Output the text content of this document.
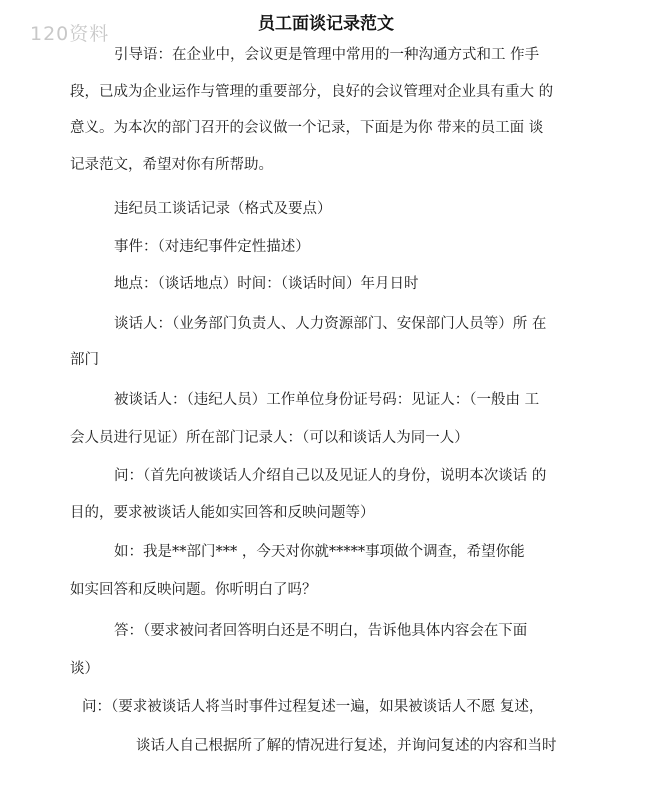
120资料	员工面谈记录范文
引导语：在企业中，会议更是管理中常用的一种沟通方式和工 作手
段，已成为企业运作与管理的重要部分，良好的会议管理对企业具有重大 的
意义。为本次的部门召开的会议做一个记录，下面是为你 带来的员工面 谈
记录范文，希望对你有所帮助。
违纪员工谈话记录（格式及要点）
事件：（对违纪事件定性描述）
地点：（谈话地点）时间：（谈话时间）年月日时
谈话人：（业务部门负责人、人力资源部门、安保部门人员等）所 在
部门
被谈话人：（违纪人员）工作单位身份证号码：见证人：（一般由 工
会人员进行见证）所在部门记录人：（可以和谈话人为同一人）
问：（首先向被谈话人介绍自己以及见证人的身份，说明本次谈话 的
目的，要求被谈话人能如实回答和反映问题等）
如：我是**部门*** ，今天对你就*****事项做个调查，希望你能
如实回答和反映问题。你听明白了吗？
答：（要求被问者回答明白还是不明白，告诉他具体内容会在下面
谈）
问：（要求被谈话人将当时事件过程复述一遍，如果被谈话人不愿 复述，
谈话人自己根据所了解的情况进行复述，并询问复述的内容和当时
